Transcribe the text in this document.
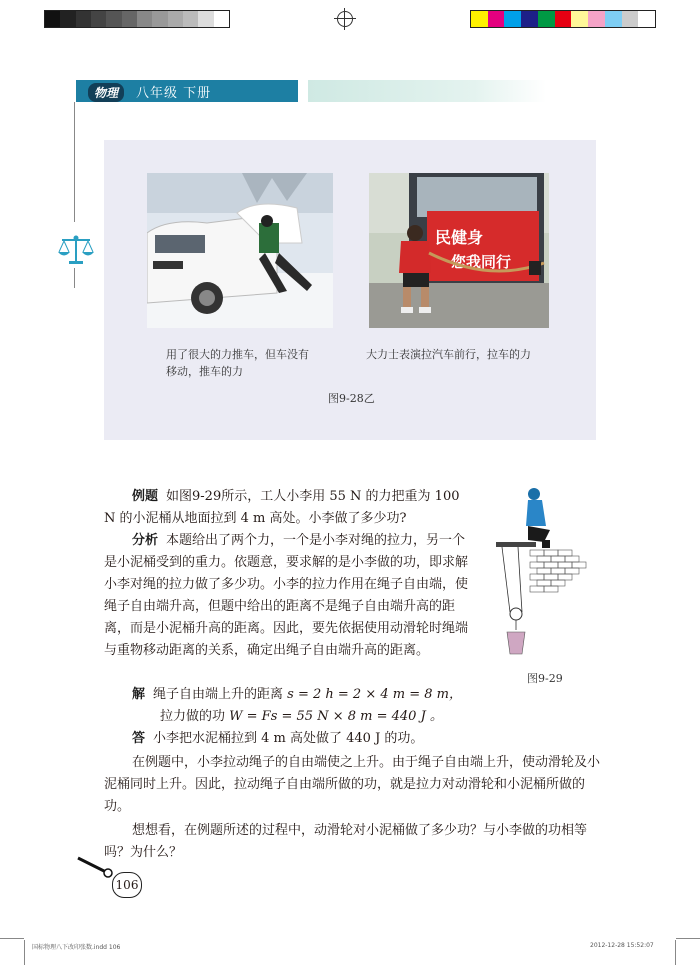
物理	八年级 下册
民健身
您我同行
用了很大的力推车，但车没有移动，推车的力
大力士表演拉汽车前行，拉车的力
图9-28乙
图9-29
例题 如图9-29所示，工人小李用 55 N 的力把重为 100 N 的小泥桶从地面拉到 4 m 高处。小李做了多少功?
分析 本题给出了两个力，一个是小李对绳的拉力，另一个是小泥桶受到的重力。依题意，要求解的是小李做的功，即求解小李对绳的拉力做了多少功。小李的拉力作用在绳子自由端，使绳子自由端升高，但题中给出的距离不是绳子自由端升高的距离，而是小泥桶升高的距离。因此，要先依据使用动滑轮时绳端与重物移动距离的关系，确定出绳子自由端升高的距离。
解 绳子自由端上升的距离 s = 2 h = 2 × 4 m = 8 m，
拉力做的功 W = Fs = 55 N × 8 m = 440 J 。
答 小李把水泥桶拉到 4 m 高处做了 440 J 的功。
在例题中，小李拉动绳子的自由端使之上升。由于绳子自由端上升，使动滑轮及小泥桶同时上升。因此，拉动绳子自由端所做的功，就是拉力对动滑轮和小泥桶所做的功。
想想看，在例题所述的过程中，动滑轮对小泥桶做了多少功？与小李做的功相等吗？为什么？
106
国标物理八下改印张数.indd 106	2012-12-28 15:52:07
